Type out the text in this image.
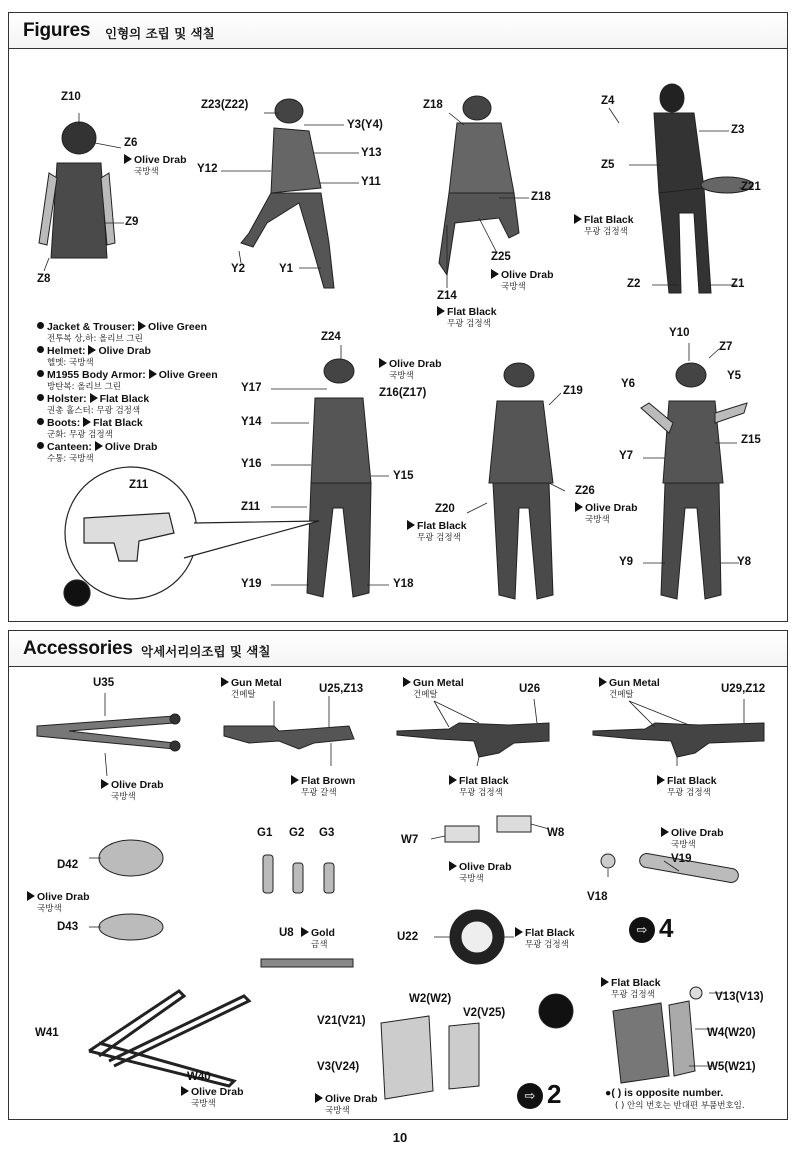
Figures 인형의 조립 및 색칠
Z10
Z6
Z9
Z8
Z23(Z22)
Y3(Y4)
Y13
Y12
Y11
Y2	Y1
Z18
Z18
Z25
Z14
Z4
Z3
Z5
Z21
Z2	Z1
Z24
Y17	Z16(Z17)
Y14
Y16
Y15
Z11
Y19	Y18
Z19
Z20
Z26
Y10
Z7
Y6
Y5
Z15
Y7
Y9	Y8
Z11
Olive Drab
국방색
Olive Drab
국방색
Flat Black
무광 검정색
Flat Black
무광 검정색
Olive Drab
국방색
Flat Black
무광 검정색
Olive Drab
국방색
Jacket & Trouser: Olive Green
전투복 상,하: 올리브 그린
Helmet: Olive Drab
헬멧: 국방색
M1955 Body Armor: Olive Green
방탄복: 올리브 그린
Holster: Flat Black
권총 홀스터: 무광 검정색
Boots: Flat Black
군화: 무광 검정색
Canteen: Olive Drab
수통: 국방색
Accessories 악세서리의조립 및 색칠
U35	U25,Z13	U26	U29,Z12
G1 G2 G3
W7
W8
V19
V18
D42
D43	U8	U22
W41
W40
W2(W2)
V21(V21)
V2(V25)
V3(V24)
V13(V13)
W4(W20)
W5(W21)
Olive Drab
국방색
Gun Metal
건메탈
Flat Brown
무광 갈색
Gun Metal
건메탈
Flat Black
무광 검정색
Gun Metal
건메탈
Flat Black
무광 검정색
Olive Drab
국방색
Olive Drab
국방색
Olive Drab
국방색
Gold
금색
Flat Black
무광 검정색
Olive Drab
국방색	Olive Drab
국방색
Flat Black
무광 검정색
⇨ 4
⇨ 2	●( ) is opposite number.
( ) 안의 번호는 반대편 부품번호임.
10
